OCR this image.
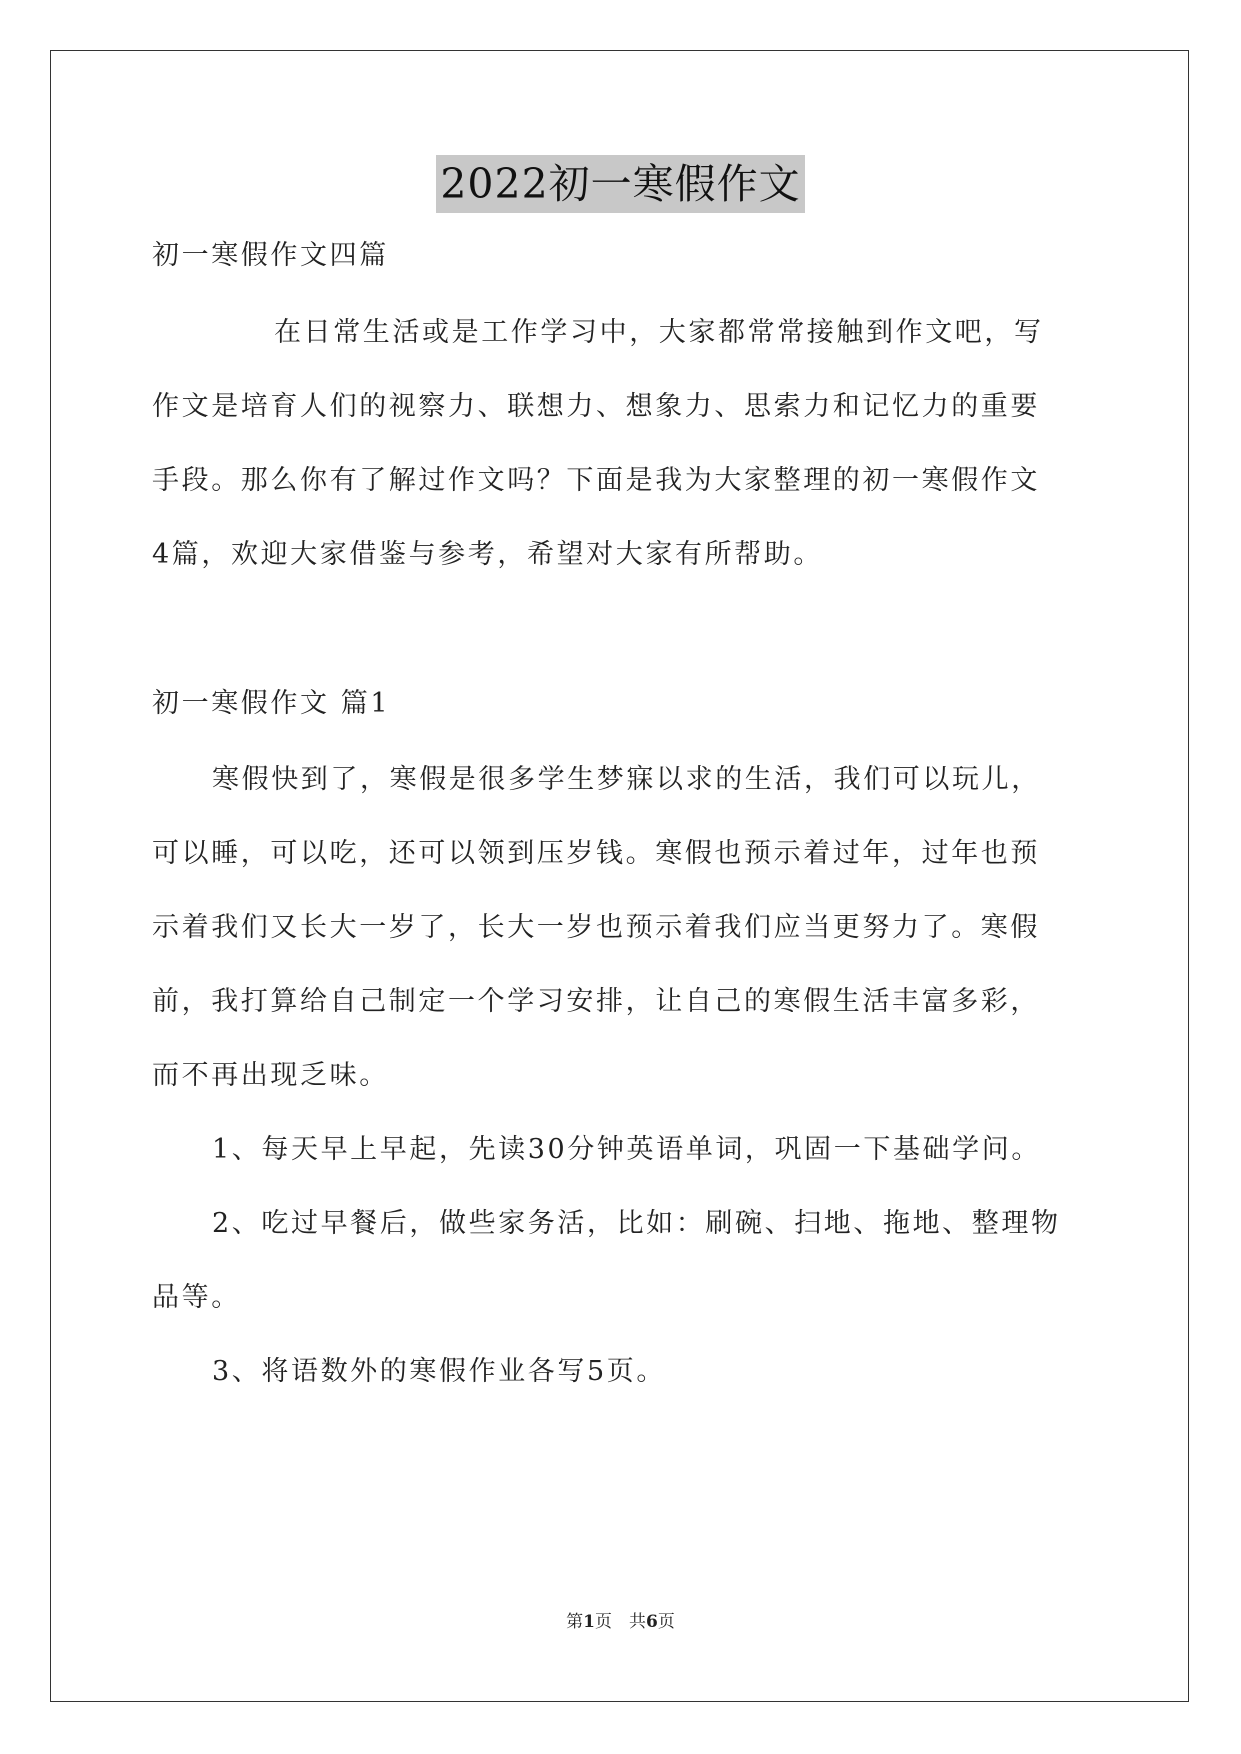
2022初一寒假作文
初一寒假作文四篇
在日常生活或是工作学习中，大家都常常接触到作文吧，写
作文是培育人们的视察力、联想力、想象力、思索力和记忆力的重要
手段。那么你有了解过作文吗？下面是我为大家整理的初一寒假作文
4篇，欢迎大家借鉴与参考，希望对大家有所帮助。
初一寒假作文 篇1
寒假快到了，寒假是很多学生梦寐以求的生活，我们可以玩儿，
可以睡，可以吃，还可以领到压岁钱。寒假也预示着过年，过年也预
示着我们又长大一岁了，长大一岁也预示着我们应当更努力了。寒假
前，我打算给自己制定一个学习安排，让自己的寒假生活丰富多彩，
而不再出现乏味。
1、每天早上早起，先读30分钟英语单词，巩固一下基础学问。
2、吃过早餐后，做些家务活，比如：刷碗、扫地、拖地、整理物
品等。
3、将语数外的寒假作业各写5页。
第1页　共6页
